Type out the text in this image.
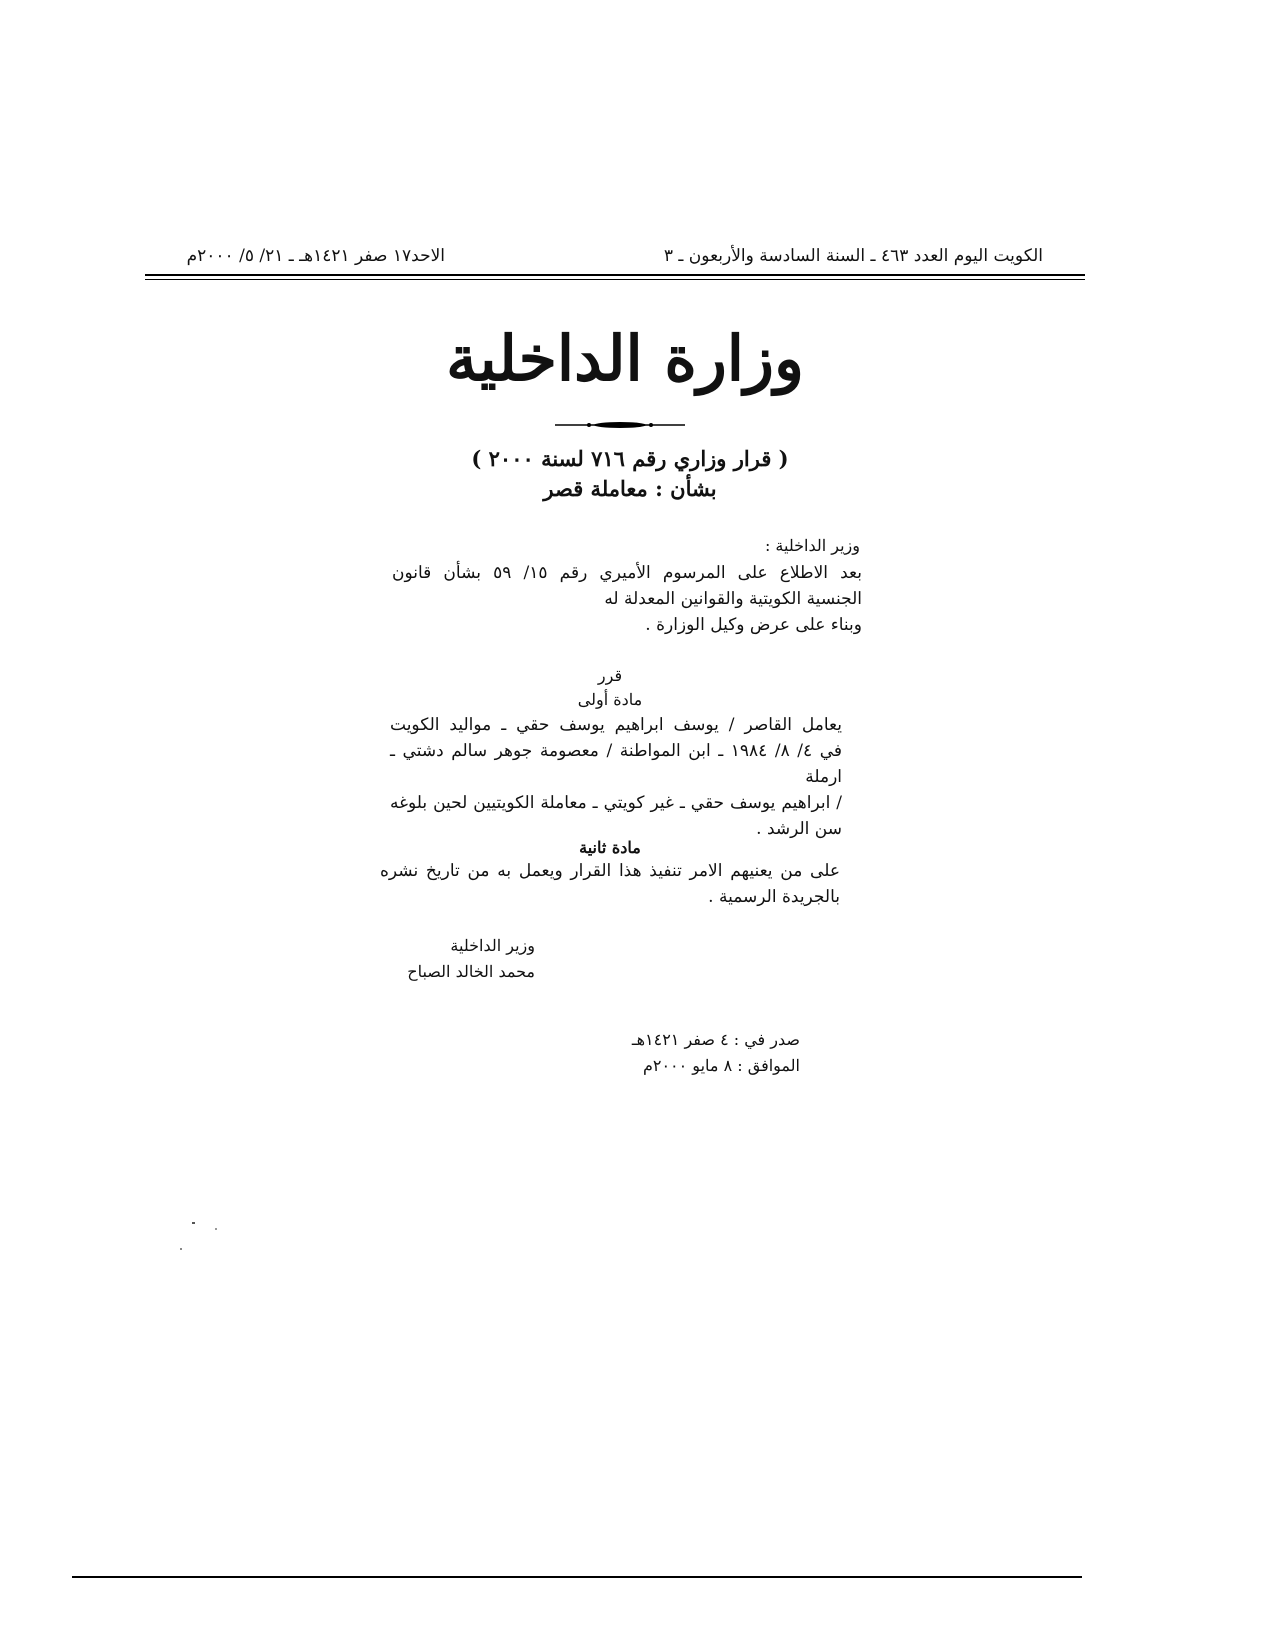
الكويت اليوم العدد ٤٦٣ ـ السنة السادسة والأربعون ـ ٣
الاحد١٧ صفر ١٤٢١هـ ـ ٢١/ ٥/ ٢٠٠٠م
وزارة الداخلية
( قرار وزاري رقم ٧١٦ لسنة ٢٠٠٠ )
بشأن : معاملة قصر
وزير الداخلية :
بعد الاطلاع على المرسوم الأميري رقم ١٥/ ٥٩ بشأن قانون
الجنسية الكويتية والقوانين المعدلة له
وبناء على عرض وكيل الوزارة .
قرر
مادة أولى
يعامل القاصر / يوسف ابراهيم يوسف حقي ـ مواليد الكويت
في ٤/ ٨/ ١٩٨٤ ـ ابن المواطنة / معصومة جوهر سالم دشتي ـ ارملة
/ ابراهيم يوسف حقي ـ غير كويتي ـ معاملة الكويتيين لحين بلوغه
سن الرشد .
مادة ثانية
على من يعنيهم الامر تنفيذ هذا القرار ويعمل به من تاريخ نشره
بالجريدة الرسمية .
وزير الداخلية
محمد الخالد الصباح
صدر في : ٤ صفر ١٤٢١هـ
الموافق : ٨ مايو ٢٠٠٠م
